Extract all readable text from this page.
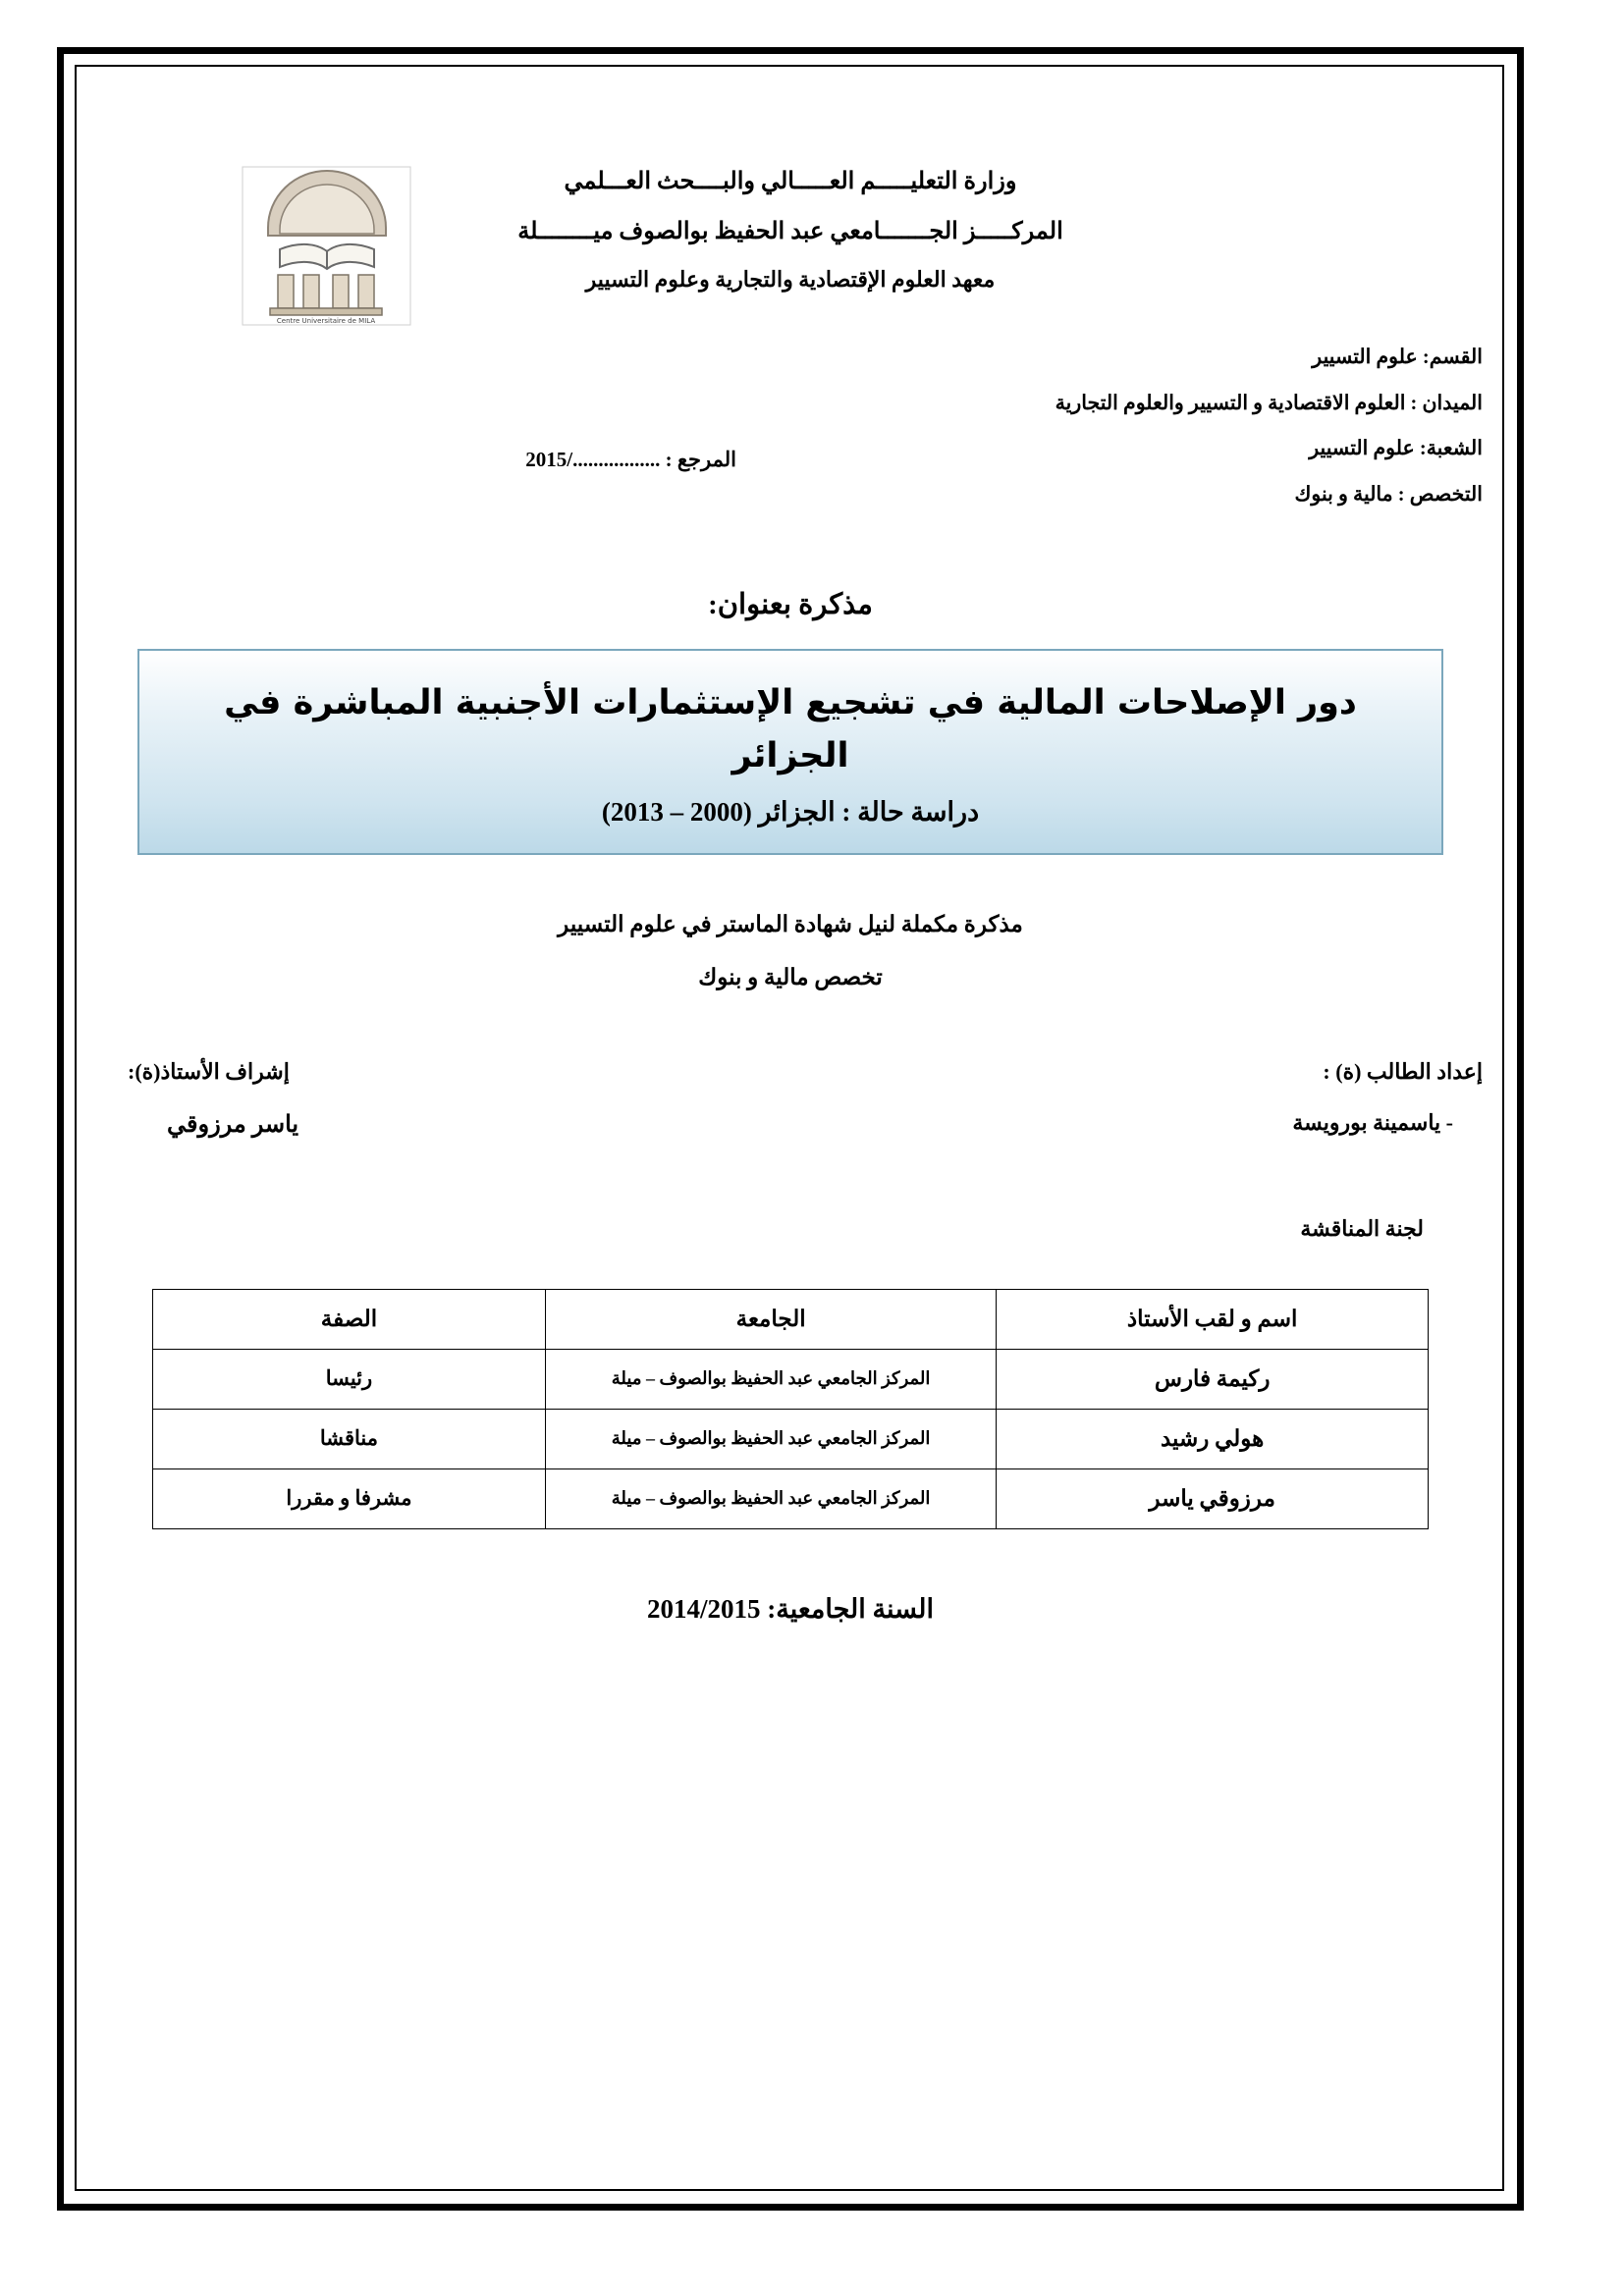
Centre Universitaire de MILA
وزارة التعليـــــم العـــــالي والبــــحث العـــلمي
المركـــــز الجـــــــامعي عبد الحفيظ بوالصوف ميــــــــلة
معهد العلوم الإقتصادية والتجارية وعلوم التسيير
القسم: علوم التسيير
الميدان : العلوم الاقتصادية و التسيير والعلوم التجارية
الشعبة: علوم التسيير
التخصص : مالية و بنوك
المرجع : ................./2015
مذكرة بعنوان:
دور الإصلاحات المالية في تشجيع الإستثمارات الأجنبية المباشرة في الجزائر
دراسة حالة : الجزائر (2000 – 2013)
مذكرة مكملة لنيل شهادة الماستر في علوم التسيير
تخصص مالية و بنوك
إعداد الطالب (ة) :
- ياسمينة بورويسة
إشراف الأستاذ(ة):
ياسر مرزوقي
لجنة المناقشة
اسم و لقب الأستاذ	الجامعة	الصفة
ركيمة فارس	المركز الجامعي عبد الحفيظ بوالصوف – ميلة	رئيسا
هولي رشيد	المركز الجامعي عبد الحفيظ بوالصوف – ميلة	مناقشا
مرزوقي ياسر	المركز الجامعي عبد الحفيظ بوالصوف – ميلة	مشرفا و مقررا
السنة الجامعية: 2014/2015
